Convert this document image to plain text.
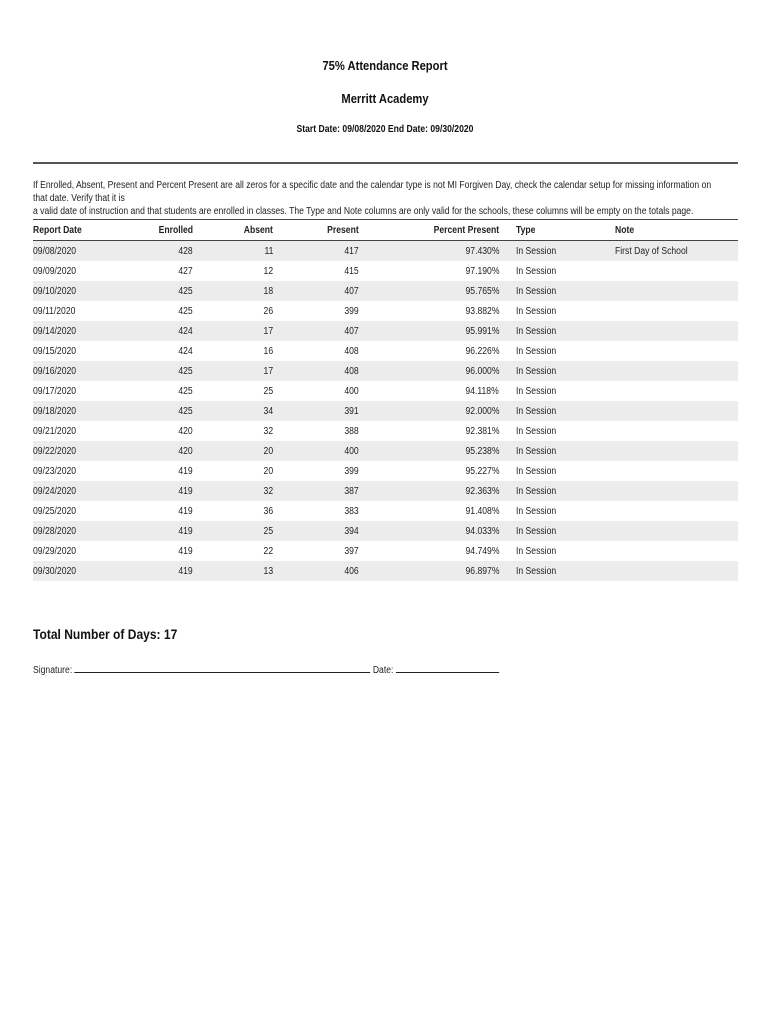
75% Attendance Report
Merritt Academy
Start Date: 09/08/2020 End Date: 09/30/2020
If Enrolled, Absent, Present and Percent Present are all zeros for a specific date and the calendar type is not MI Forgiven Day, check the calendar setup for missing information on that date. Verify that it is
a valid date of instruction and that students are enrolled in classes. The Type and Note columns are only valid for the schools, these columns will be empty on the totals page.
Report Date	Enrolled	Absent	Present	Percent Present	Type	Note
09/08/2020	428	11	417	97.430%	In Session	First Day of School
09/09/2020	427	12	415	97.190%	In Session	
09/10/2020	425	18	407	95.765%	In Session	
09/11/2020	425	26	399	93.882%	In Session	
09/14/2020	424	17	407	95.991%	In Session	
09/15/2020	424	16	408	96.226%	In Session	
09/16/2020	425	17	408	96.000%	In Session	
09/17/2020	425	25	400	94.118%	In Session	
09/18/2020	425	34	391	92.000%	In Session	
09/21/2020	420	32	388	92.381%	In Session	
09/22/2020	420	20	400	95.238%	In Session	
09/23/2020	419	20	399	95.227%	In Session	
09/24/2020	419	32	387	92.363%	In Session	
09/25/2020	419	36	383	91.408%	In Session	
09/28/2020	419	25	394	94.033%	In Session	
09/29/2020	419	22	397	94.749%	In Session	
09/30/2020	419	13	406	96.897%	In Session	
Total Number of Days: 17
Signature:	Date:
